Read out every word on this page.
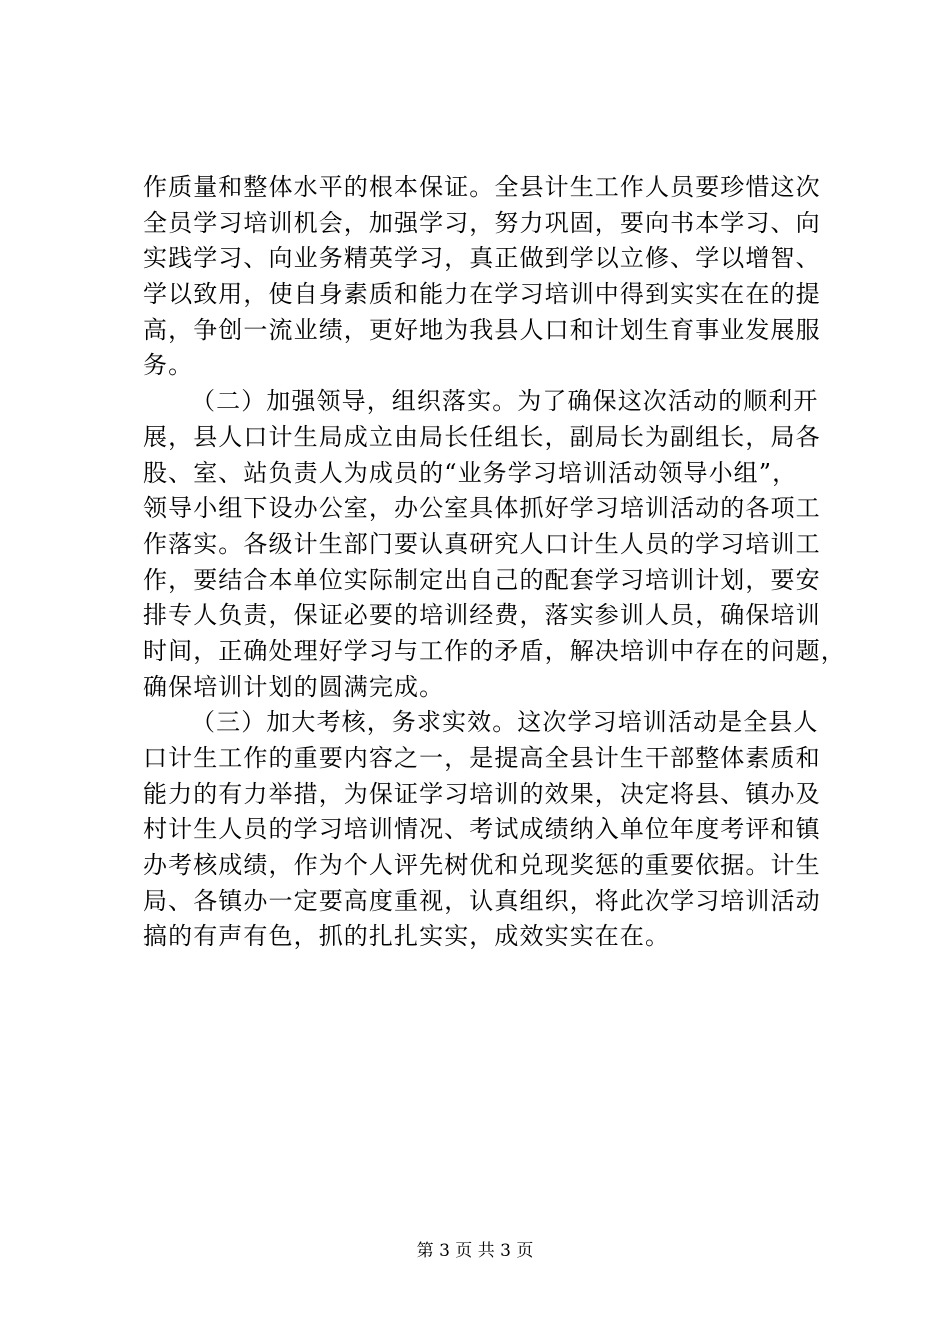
作质量和整体水平的根本保证。全县计生工作人员要珍惜这次
全员学习培训机会，加强学习，努力巩固，要向书本学习、向
实践学习、向业务精英学习，真正做到学以立修、学以增智、
学以致用，使自身素质和能力在学习培训中得到实实在在的提
高，争创一流业绩，更好地为我县人口和计划生育事业发展服
务。
（二）加强领导，组织落实。为了确保这次活动的顺利开
展，县人口计生局成立由局长任组长，副局长为副组长，局各
股、室、站负责人为成员的“业务学习培训活动领导小组”，
领导小组下设办公室，办公室具体抓好学习培训活动的各项工
作落实。各级计生部门要认真研究人口计生人员的学习培训工
作，要结合本单位实际制定出自己的配套学习培训计划，要安
排专人负责，保证必要的培训经费，落实参训人员，确保培训
时间，正确处理好学习与工作的矛盾，解决培训中存在的问题，
确保培训计划的圆满完成。
（三）加大考核，务求实效。这次学习培训活动是全县人
口计生工作的重要内容之一，是提高全县计生干部整体素质和
能力的有力举措，为保证学习培训的效果，决定将县、镇办及
村计生人员的学习培训情况、考试成绩纳入单位年度考评和镇
办考核成绩，作为个人评先树优和兑现奖惩的重要依据。计生
局、各镇办一定要高度重视，认真组织，将此次学习培训活动
搞的有声有色，抓的扎扎实实，成效实实在在。
第 3 页 共 3 页
